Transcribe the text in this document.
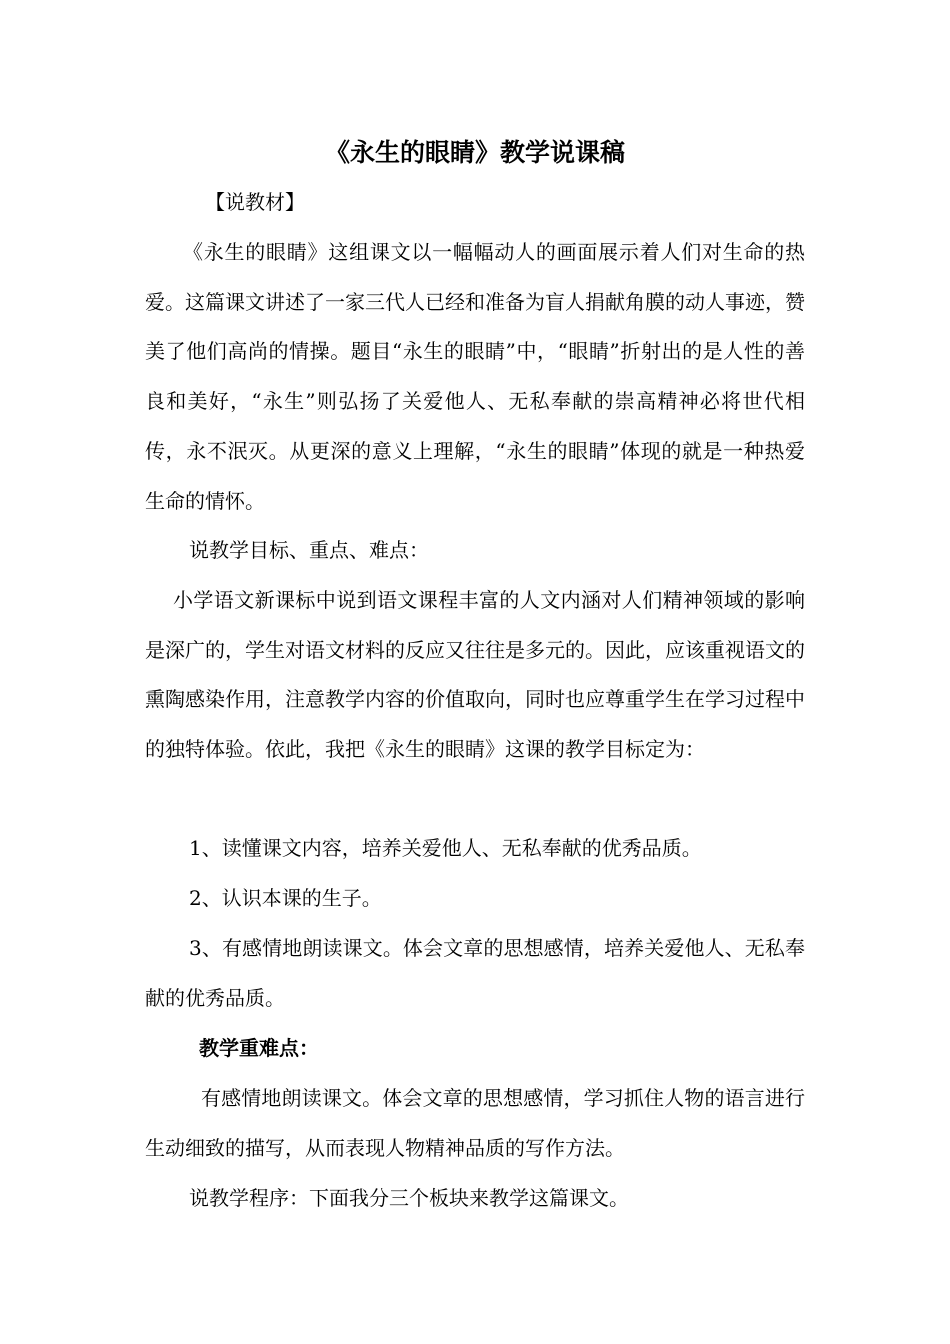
《永生的眼睛》教学说课稿

【说教材】

《永生的眼睛》这组课文以一幅幅动人的画面展示着人们对生命的热爱。这篇课文讲述了一家三代人已经和准备为盲人捐献角膜的动人事迹，赞美了他们高尚的情操。题目“永生的眼睛”中，“眼睛”折射出的是人性的善良和美好，“永生”则弘扬了关爱他人、无私奉献的崇高精神必将世代相传，永不泯灭。从更深的意义上理解，“永生的眼睛”体现的就是一种热爱生命的情怀。

说教学目标、重点、难点：

小学语文新课标中说到语文课程丰富的人文内涵对人们精神领域的影响是深广的，学生对语文材料的反应又往往是多元的。因此，应该重视语文的熏陶感染作用，注意教学内容的价值取向，同时也应尊重学生在学习过程中的独特体验。依此，我把《永生的眼睛》这课的教学目标定为：

1、读懂课文内容，培养关爱他人、无私奉献的优秀品质。

2、认识本课的生子。

3、有感情地朗读课文。体会文章的思想感情，培养关爱他人、无私奉献的优秀品质。

教学重难点：

有感情地朗读课文。体会文章的思想感情，学习抓住人物的语言进行生动细致的描写，从而表现人物精神品质的写作方法。

说教学程序：下面我分三个板块来教学这篇课文。
